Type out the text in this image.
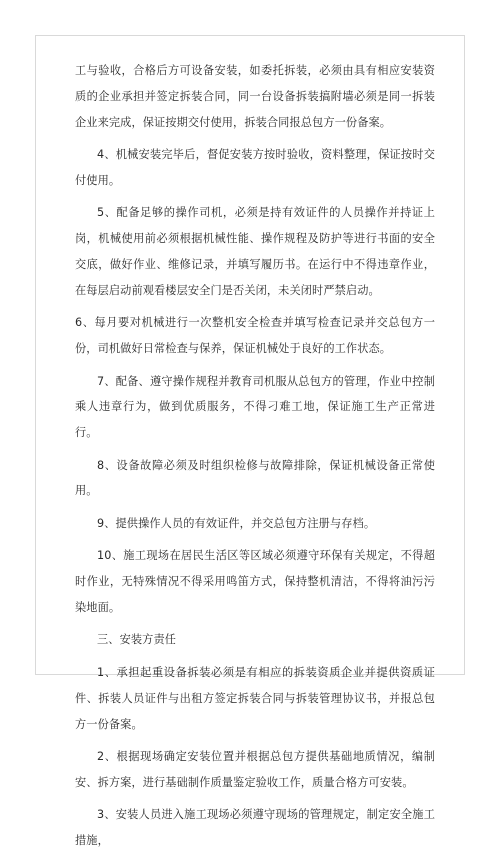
工与验收，合格后方可设备安装，如委托拆装，必须由具有相应安装资质的企业承担并签定拆装合同，同一台设备拆装搞附墙必须是同一拆装企业来完成，保证按期交付使用，拆装合同报总包方一份备案。

4、机械安装完毕后，督促安装方按时验收，资料整理，保证按时交付使用。

5、配备足够的操作司机，必须是持有效证件的人员操作并持证上岗，机械使用前必须根据机械性能、操作规程及防护等进行书面的安全交底，做好作业、维修记录，并填写履历书。在运行中不得违章作业，在每层启动前观看楼层安全门是否关闭，未关闭时严禁启动。

6、每月要对机械进行一次整机安全检查并填写检查记录并交总包方一份，司机做好日常检查与保养，保证机械处于良好的工作状态。

7、配备、遵守操作规程并教育司机服从总包方的管理，作业中控制乘人违章行为，做到优质服务，不得刁难工地，保证施工生产正常进行。

8、设备故障必须及时组织检修与故障排除，保证机械设备正常使用。

9、提供操作人员的有效证件，并交总包方注册与存档。

10、施工现场在居民生活区等区域必须遵守环保有关规定，不得超时作业，无特殊情况不得采用鸣笛方式，保持整机清洁，不得将油污污染地面。

三、安装方责任

1、承担起重设备拆装必须是有相应的拆装资质企业并提供资质证件、拆装人员证件与出租方签定拆装合同与拆装管理协议书，并报总包方一份备案。

2、根据现场确定安装位置并根据总包方提供基础地质情况，编制安、拆方案，进行基础制作质量鉴定验收工作，质量合格方可安装。

3、安装人员进入施工现场必须遵守现场的管理规定，制定安全施工措施，
